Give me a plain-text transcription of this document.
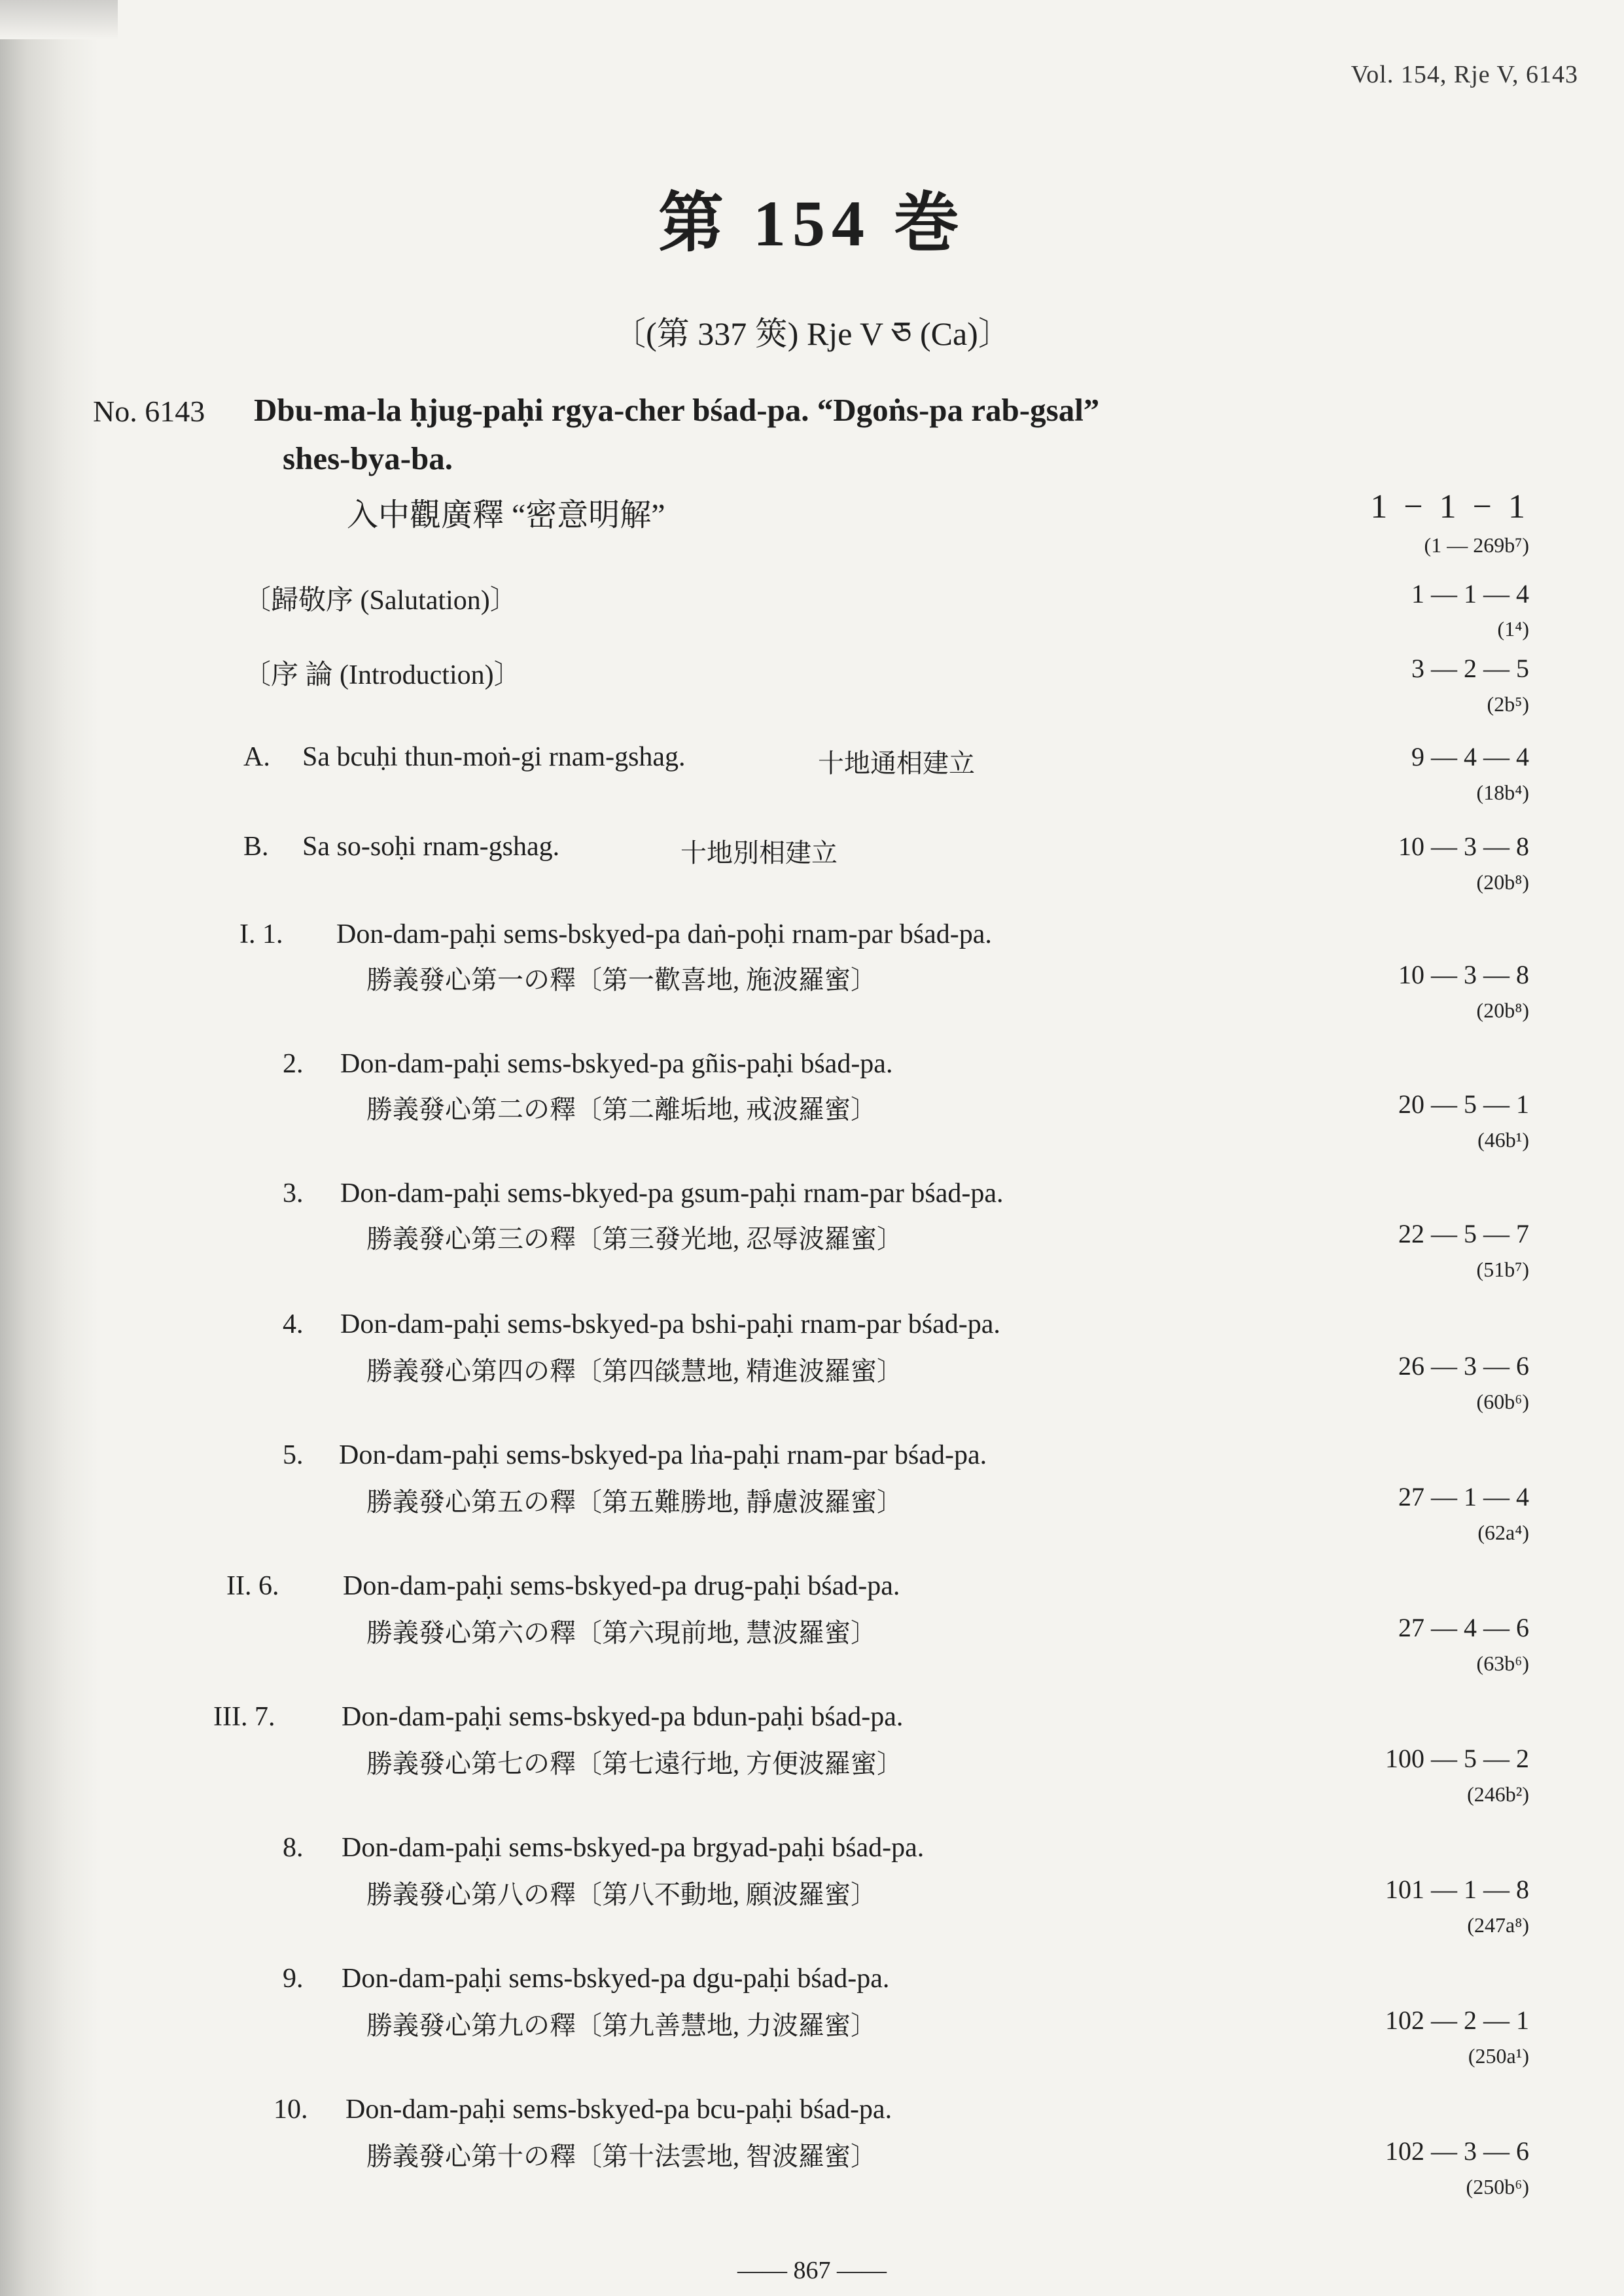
Vol. 154, Rje V, 6143
第 154 巻
〔(第 337 筴) Rje V ཅ (Ca)〕
No. 6143 Dbu-ma-la ḥjug-paḥi rgya-cher bśad-pa. “Dgoṅs-pa rab-gsal”
shes-bya-ba.
入中觀廣釋 “密意明解”	1 − 1 − 1
(1 — 269b⁷)
〔歸敬序 (Salutation)〕	1 — 1 — 4
(1⁴)
〔序 論 (Introduction)〕	3 — 2 — 5
(2b⁵)
A. Sa bcuḥi thun-moṅ-gi rnam-gshag.	十地通相建立	9 — 4 — 4
(18b⁴)
B. Sa so-soḥi rnam-gshag.	十地別相建立	10 — 3 — 8
(20b⁸)
I. 1. Don-dam-paḥi sems-bskyed-pa daṅ-poḥi rnam-par bśad-pa.
勝義發心第一の釋〔第一歡喜地, 施波羅蜜〕	10 — 3 — 8
(20b⁸)
2. Don-dam-paḥi sems-bskyed-pa gñis-paḥi bśad-pa.
勝義發心第二の釋〔第二離垢地, 戒波羅蜜〕	20 — 5 — 1
(46b¹)
3. Don-dam-paḥi sems-bkyed-pa gsum-paḥi rnam-par bśad-pa.
勝義發心第三の釋〔第三發光地, 忍辱波羅蜜〕	22 — 5 — 7
(51b⁷)
4. Don-dam-paḥi sems-bskyed-pa bshi-paḥi rnam-par bśad-pa.
勝義發心第四の釋〔第四燄慧地, 精進波羅蜜〕	26 — 3 — 6
(60b⁶)
5. Don-dam-paḥi sems-bskyed-pa lṅa-paḥi rnam-par bśad-pa.
勝義發心第五の釋〔第五難勝地, 靜慮波羅蜜〕	27 — 1 — 4
(62a⁴)
II. 6. Don-dam-paḥi sems-bskyed-pa drug-paḥi bśad-pa.
勝義發心第六の釋〔第六現前地, 慧波羅蜜〕	27 — 4 — 6
(63b⁶)
III. 7. Don-dam-paḥi sems-bskyed-pa bdun-paḥi bśad-pa.
勝義發心第七の釋〔第七遠行地, 方便波羅蜜〕	100 — 5 — 2
(246b²)
8. Don-dam-paḥi sems-bskyed-pa brgyad-paḥi bśad-pa.
勝義發心第八の釋〔第八不動地, 願波羅蜜〕	101 — 1 — 8
(247a⁸)
9. Don-dam-paḥi sems-bskyed-pa dgu-paḥi bśad-pa.
勝義發心第九の釋〔第九善慧地, 力波羅蜜〕	102 — 2 — 1
(250a¹)
10. Don-dam-paḥi sems-bskyed-pa bcu-paḥi bśad-pa.
勝義發心第十の釋〔第十法雲地, 智波羅蜜〕	102 — 3 — 6
(250b⁶)
—— 867 ——
